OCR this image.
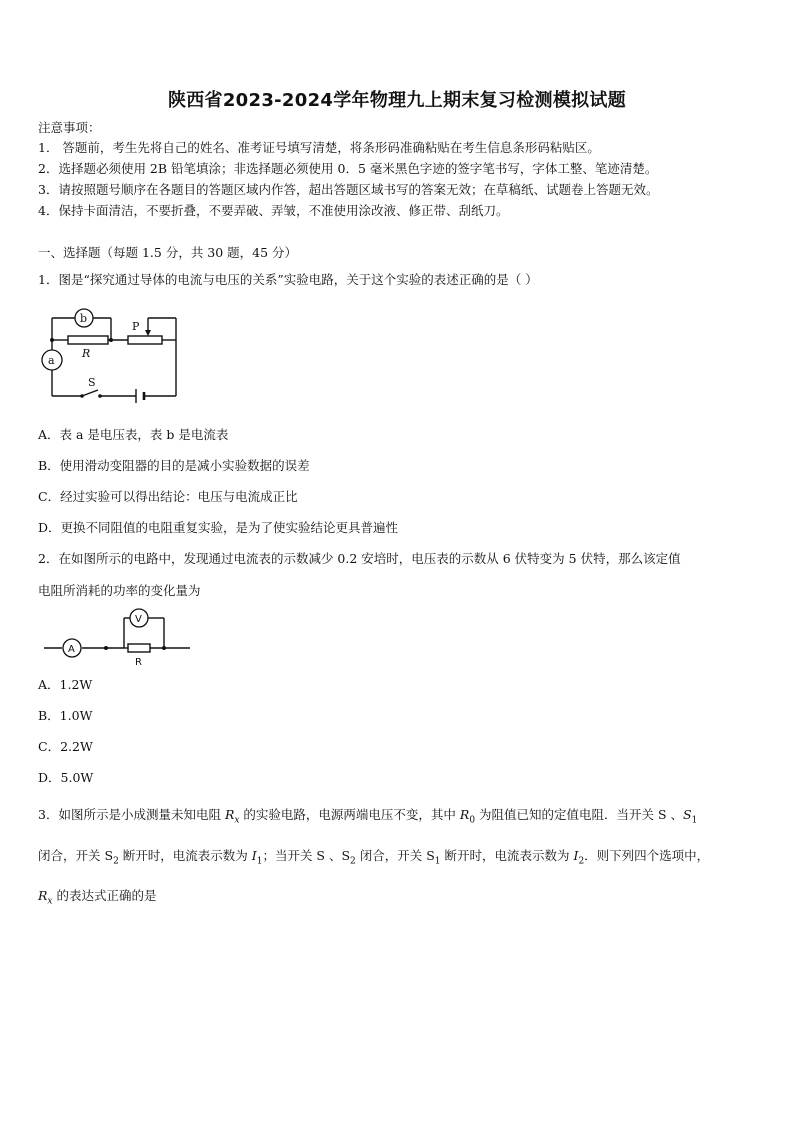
陕西省2023-2024学年物理九上期末复习检测模拟试题
注意事项：
1． 答题前，考生先将自己的姓名、准考证号填写清楚，将条形码准确粘贴在考生信息条形码粘贴区。
2．选择题必须使用 2B 铅笔填涂；非选择题必须使用 0．5 毫米黑色字迹的签字笔书写，字体工整、笔迹清楚。
3．请按照题号顺序在各题目的答题区域内作答，超出答题区域书写的答案无效；在草稿纸、试题卷上答题无效。
4．保持卡面清洁，不要折叠，不要弄破、弄皱，不准使用涂改液、修正带、刮纸刀。
一、选择题（每题 1.5 分，共 30 题，45 分）
1．图是“探究通过导体的电流与电压的关系”实验电路，关于这个实验的表述正确的是（ ）
b
a
P
R
S
A．表 a 是电压表，表 b 是电流表
B．使用滑动变阻器的目的是减小实验数据的误差
C．经过实验可以得出结论：电压与电流成正比
D．更换不同阻值的电阻重复实验，是为了使实验结论更具普遍性
2．在如图所示的电路中，发现通过电流表的示数减少 0.2 安培时，电压表的示数从 6 伏特变为 5 伏特，那么该定值
电阻所消耗的功率的变化量为
A
V
R
A．1.2W
B．1.0W
C．2.2W
D．5.0W
3．如图所示是小成测量未知电阻 $R_x$ 的实验电路，电源两端电压不变，其中 $R_0$ 为阻值已知的定值电阻．当开关 S 、$S_1$
闭合，开关 $S_2$ 断开时，电流表示数为 $I_1$；当开关 S 、$S_2$ 闭合，开关 $S_1$ 断开时，电流表示数为 $I_2$．则下列四个选项中，
$R_x$ 的表达式正确的是
